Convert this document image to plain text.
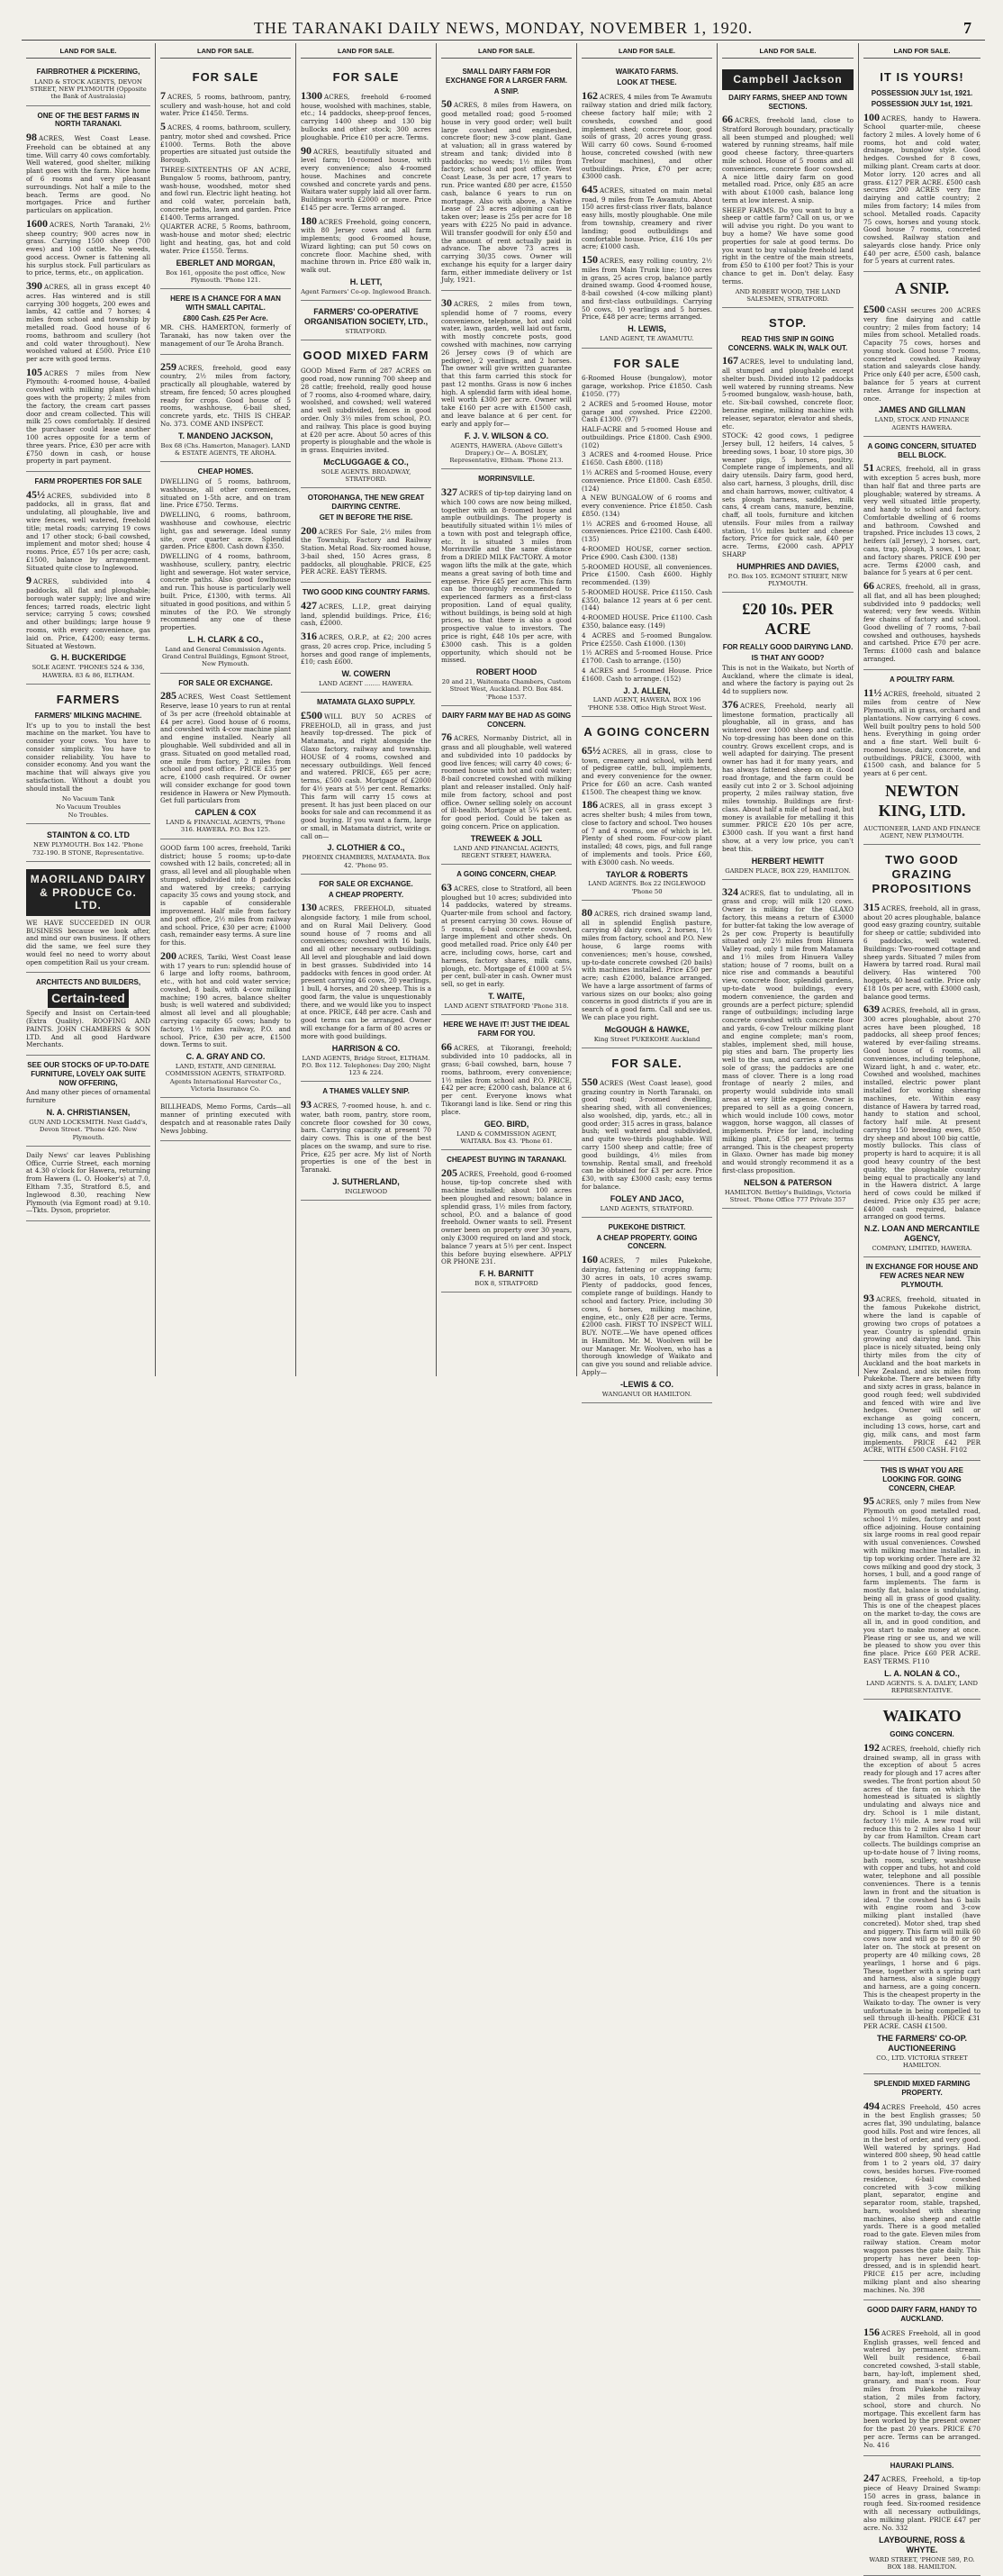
THE TARANAKI DAILY NEWS, MONDAY, NOVEMBER 1, 1920.	7
LAND FOR SALE.
FAIRBROTHER & PICKERING,
LAND & STOCK AGENTS, DEVON STREET, NEW PLYMOUTH (Opposite the Bank of Australasia)
ONE OF THE BEST FARMS IN NORTH TARANAKI.

98 ACRES, West Coast Lease. Freehold can be obtained at any time. Will carry 40 cows comfortably. Well watered, good shelter, milking plant goes with the farm. Nice home of 6 rooms and very pleasant surroundings. Not half a mile to the beach. Terms are good. No mortgages. Price and further particulars on application.

1600 ACRES, North Taranaki, 2½ sheep country; 900 acres now in grass. Carrying 1500 sheep (700 ewes) and 100 cattle. No weeds, good access. Owner is fattening all his surplus stock. Full particulars as to price, terms, etc., on application.

390 ACRES, all in grass except 40 acres. Has wintered and is still carrying 300 hoggets, 200 ewes and lambs, 42 cattle and 7 horses; 4 miles from school and township by metalled road. Good house of 6 rooms, bathroom and scullery (hot and cold water throughout). New woolshed valued at £500. Price £10 per acre with good terms.

105 ACRES 7 miles from New Plymouth: 4-roomed house, 4-bailed cowshed with milking plant which goes with the property; 2 miles from the factory, the cream cart passes door and cream collected. This will milk 25 cows comfortably. If desired the purchaser could lease another 100 acres opposite for a term of three years. Price, £30 per acre with £750 down in cash, or house property in part payment.

FARM PROPERTIES FOR SALE

45½ ACRES, subdivided into 8 paddocks, all in grass, flat and undulating, all ploughable, live and wire fences, well watered, freehold title; metal roads; carrying 19 cows and 17 other stock; 6-bail cowshed, implement and motor shed; house 4 rooms. Price, £57 10s per acre; cash, £1500, balance by arrangement. Situated quite close to Inglewood.

9 ACRES, subdivided into 4 paddocks, all flat and ploughable; borough water supply; live and wire fences; tarred roads, electric light service; carrying 5 cows; cowshed and other buildings; large house 9 rooms, with every convenience, gas laid on. Price, £4200; easy terms. Situated at Westown.

G. H. BUCKERIDGE
SOLE AGENT. 'PHONES 524 & 336, HAWERA. 83 & 86, ELTHAM.
FARMERS
FARMERS' MILKING MACHINE.

It's up to you to install the best machine on the market. You have to consider your cows. You have to consider simplicity. You have to consider reliability. You have to consider economy. And you want the machine that will always give you satisfaction. Without a doubt you should install the

No Vacuum Tank
No Vacuum Troubles
No Troubles.
STAINTON & CO. LTD
NEW PLYMOUTH. Box 142. 'Phone 732-190. B STONE, Representative.
MAORILAND DAIRY & PRODUCE Co. LTD.

WE HAVE SUCCEEDED IN OUR BUSINESS because we look after, and mind our own business. If others did the same, we feel sure they would feel no need to worry about open competition Rail us your cream.

ARCHITECTS AND BUILDERS,
Certain-teed

Specify and Insist on Certain-teed (Extra Quality). ROOFING AND PAINTS. JOHN CHAMBERS & SON LTD. And all good Hardware Merchants.

SEE OUR STOCKS OF UP-TO-DATE FURNITURE, LOVELY OAK SUITE NOW OFFERING,

And many other pieces of ornamental furniture

N. A. CHRISTIANSEN,
GUN AND LOCKSMITH. Next Gadd's, Devon Street. 'Phone 426. New Plymouth.

Daily News' car leaves Publishing Office, Currie Street, each morning at 4.30 o'clock for Hawera, returning from Hawera (L. O. Hooker's) at 7.0, Eltham 7.35, Stratford 8.5, and Inglewood 8.30, reaching New Plymouth (via Egmont road) at 9.10.—Tkts. Dyson, proprietor.

LAND FOR SALE.
FOR SALE

7 ACRES, 5 rooms, bathroom, pantry, scullery and wash-house, hot and cold water. Price £1450. Terms.

5 ACRES, 4 rooms, bathroom, scullery, pantry, motor shed and cowshed. Price £1000. Terms. Both the above properties are situated just outside the Borough.

THREE-SIXTEENTHS OF AN ACRE, Bungalow 5 rooms, bathroom, pantry, wash-house, woodshed, motor shed and fowl run. Electric light heating. hot and cold water, porcelain bath, concrete paths, lawn and garden. Price £1400. Terms arranged.

QUARTER ACRE, 5 Rooms, bathroom, wash-house and motor shed; electric light and heating, gas, hot and cold water. Price £1550. Terms.

EBERLET AND MORGAN,
Box 161, opposite the post office, New Plymouth. 'Phone 121.
HERE IS A CHANCE FOR A MAN WITH SMALL CAPITAL.
£800 Cash. £25 Per Acre.

MR. CHS. HAMERTON, formerly of Taranaki, has now taken over the management of our Te Aroha Branch.

259 ACRES, freehold, good easy country, 2½ miles from factory, practically all ploughable, watered by stream, fire fenced; 50 acres ploughed ready for crops. Good house of 5 rooms, washhouse, 6-bail shed, concrete yards, etc. THIS IS CHEAP. No. 373. COME AND INSPECT.

T. MANDENO JACKSON,
Box 68 (Chs. Hamerton, Manager). LAND & ESTATE AGENTS, TE AROHA.
CHEAP HOMES.

DWELLING of 5 rooms, bathroom, washhouse, all other conveniences, situated on 1-5th acre, and on tram line. Price £750. Terms.

DWELLING, 6 rooms, bathroom, washhouse and cowhouse, electric light, gas and sewerage. Ideal sunny site, over quarter acre. Splendid garden. Price £800. Cash down £350.

DWELLING of 4 rooms, bathroom, washhouse, scullery, pantry, electric light and sewerage. Hot water service, concrete paths. Also good fowlhouse and run. This house is particularly well built. Price, £1300, with terms. All situated in good positions, and within 5 minutes of the P.O. We strongly recommend any one of these properties.

L. H. CLARK & CO.,
Land and General Commission Agents. Grand Central Buildings, Egmont Street, New Plymouth.
FOR SALE OR EXCHANGE.

285 ACRES, West Coast Settlement Reserve, lease 10 years to run at rental of 3s per acre (freehold obtainable at £4 per acre). Good house of 6 rooms, and cowshed with 4-cow machine plant and engine installed. Nearly all ploughable. Well subdivided and all in grass. Situated on good metalled road, one mile from factory, 2 miles from school and post office. PRICE £35 per acre, £1000 cash required. Or owner will consider exchange for good town residence in Hawera or New Plymouth. Get full particulars from

CAPLEN & COX
LAND & FINANCIAL AGENTS, 'Phone 316. HAWERA. P.O. Box 125.

GOOD farm 100 acres, freehold, Tariki district; house 5 rooms; up-to-date cowshed with 12 bails, concreted; all in grass, all level and all ploughable when stumped, subdivided into 8 paddocks and watered by creeks; carrying capacity 35 cows and young stock, and is capable of considerable improvement. Half mile from factory and post office, 2½ miles from railway and school. Price, £30 per acre; £1000 cash, remainder easy terms. A sure line for this.

200 ACRES, Tariki, West Coast lease with 17 years to run: splendid house of 6 large and lofty rooms, bathroom, etc., with hot and cold water service; cowshed, 8 bails, with 4-cow milking machine; 190 acres, balance shelter bush; is well watered and subdivided; almost all level and all ploughable; carrying capacity 65 cows; handy to factory, 1½ miles railway, P.O. and school. Price, £30 per acre, £1500 down. Terms to suit.

C. A. GRAY AND CO.
LAND, ESTATE, AND GENERAL COMMISSION AGENTS, STRATFORD. Agents International Harvester Co., Victoria Insurance Co.

BILLHEADS, Memo Forms, Cards—all manner of printing executed with despatch and at reasonable rates Daily News Jobbing.

LAND FOR SALE.
FOR SALE

1300 ACRES, freehold 6-roomed house, woolshed with machines, stable, etc.; 14 paddocks, sheep-proof fences, carrying 1400 sheep and 130 big bullocks and other stock; 300 acres ploughable. Price £10 per acre. Terms.

90 ACRES, beautifully situated and level farm; 10-roomed house, with every convenience; also 4-roomed house. Machines and concrete cowshed and concrete yards and pens. Waitara water supply laid all over farm. Buildings worth £2000 or more. Price £145 per acre. Terms arranged.

180 ACRES Freehold, going concern, with 80 Jersey cows and all farm implements; good 6-roomed house, Wizard lighting; can put 50 cows on concrete floor. Machine shed, with machine thrown in. Price £80 walk in, walk out.

H. LETT,
Agent Farmers' Co-op. Inglewood Branch.
FARMERS' CO-OPERATIVE ORGANISATION SOCIETY, LTD.,
STRATFORD.
GOOD MIXED FARM

GOOD Mixed Farm of 287 ACRES on good road, now running 700 sheep and 28 cattle; freehold, really good house of 7 rooms, also 4-roomed whare, dairy, woolshed, and cowshed; well watered and well subdivided, fences in good order. Only 3½ miles from school, P.O. and railway. This place is good buying at £20 per acre. About 50 acres of this property is ploughable and the whole is in grass. Enquiries invited.

McCLUGGAGE & CO.,
SOLE AGENTS. BROADWAY, STRATFORD.
OTOROHANGA, THE NEW GREAT DAIRYING CENTRE.
GET IN BEFORE THE RISE.

200 ACRES For Sale, 2½ miles from the Township, Factory and Railway Station. Metal Road. Six-roomed house, 3-bail shed, 150 Acres grass, 8 paddocks, all ploughable. PRICE, £25 PER ACRE. EASY TERMS.

TWO GOOD KING COUNTRY FARMS.

427 ACRES, L.I.P., great dairying land, splendid buildings. Price, £16; cash, £2000.

316 ACRES, O.R.P., at £2; 200 acres grass, 20 acres crop. Price, including 5 horses and good range of implements, £10; cash £600.

W. COWERN
LAND AGENT ........ HAWERA.
MATAMATA GLAXO SUPPLY.

£500 WILL BUY 50 ACRES of FREEHOLD, all in grass, and just heavily top-dressed. The pick of Matamata, and right alongside the Glaxo factory, railway and township. HOUSE of 4 rooms, cowshed and necessary outbuildings. Well fenced and watered. PRICE, £65 per acre; terms, £500 cash. Mortgage of £2000 for 4½ years at 5½ per cent. Remarks: This farm will carry 15 cows at present. It has just been placed on our books for sale and can recommend it as good buying. If you want a farm, large or small, in Matamata district, write or call on—

J. CLOTHIER & CO.,
PHOENIX CHAMBERS, MATAMATA. Box 42. 'Phone 95.
FOR SALE OR EXCHANGE.
A CHEAP PROPERTY.

130 ACRES, FREEHOLD, situated alongside factory, 1 mile from school, and on Rural Mail Delivery. Good sound house of 7 rooms and all conveniences; cowshed with 16 bails, and all other necessary outbuildings. All level and ploughable and laid down in best grasses. Subdivided into 14 paddocks with fences in good order. At present carrying 46 cows, 20 yearlings, 1 bull, 4 horses, and 20 sheep. This is a good farm, the value is unquestionably there, and we would like you to inspect at once. PRICE, £48 per acre. Cash and good terms can be arranged. Owner will exchange for a farm of 80 acres or more with good buildings.

HARRISON & CO.
LAND AGENTS, Bridge Street, ELTHAM. P.O. Box 112. Telephones: Day 200; Night 123 & 224.
A THAMES VALLEY SNIP.

93 ACRES, 7-roomed house, h. and c. water, bath room, pantry, store room, concrete floor cowshed for 30 cows, barn. Carrying capacity at present 70 dairy cows. This is one of the best places on the swamp, and sure to rise. Price, £25 per acre. My list of North properties is one of the best in Taranaki.

J. SUTHERLAND,
INGLEWOOD
LAND FOR SALE.
SMALL DAIRY FARM FOR EXCHANGE FOR A LARGER FARM.
A SNIP.

50 ACRES, 8 miles from Hawera, on good metalled road; good 5-roomed house in very good order; well built large cowshed and engineshed, concrete floor; new 3-cow plant. Gane at valuation; all in grass watered by stream and tank; divided into 8 paddocks; no weeds; 1½ miles from factory, school and post office. West Coast Lease, 3s per acre, 17 years to run. Price wanted £80 per acre, £1550 cash, balance 6 years to run on mortgage. Also with above, a Native Lease of 23 acres adjoining can be taken over; lease is 25s per acre for 18 years with £225 No paid in advance. Will transfer goodwill for only £50 and the amount of rent actually paid in advance. The above 73 acres is carrying 30/35 cows. Owner will exchange his equity for a larger dairy farm, either immediate delivery or 1st July, 1921.

30 ACRES, 2 miles from town, splendid home of 7 rooms, every convenience, telephone, hot and cold water, lawn, garden, well laid out farm, with mostly concrete posts, good cowshed with machines, now carrying 26 Jersey cows (9 of which are pedigree), 2 yearlings, and 2 horses. The owner will give written guarantee that this farm carried this stock for past 12 months. Grass is now 6 inches high. A splendid farm with ideal home, well worth £300 per acre. Owner will take £160 per acre with £1500 cash, and leave balance at 6 per cent. for early and apply for—

F. J. V. WILSON & CO.
AGENTS, HAWERA. (Above Gillett's Drapery.) Or— A. BOSLEY, Representative, Eltham. 'Phone 213.
MORRINSVILLE.

327 ACRES of tip-top dairying land on which 100 cows are now being milked, together with an 8-roomed house and ample outbuildings. The property is beautifully situated within 1½ miles of a town with post and telegraph office, etc. It is situated 3 miles from Morrinsville and the same distance from a DRIED MILK FACTORY. A motor wagon lifts the milk at the gate, which means a great saving of both time and expense. Price £45 per acre. This farm can be thoroughly recommended to experienced farmers as a first-class proposition. Land of equal quality, without buildings, is being sold at high prices, so that there is also a good prospective value to investors. The price is right, £48 10s per acre, with £3000 cash. This is a golden opportunity, which should not be missed.

ROBERT HOOD
20 and 21, Waitemata Chambers, Custom Street West, Auckland. P.O. Box 484. 'Phone 1537.
DAIRY FARM MAY BE HAD AS GOING CONCERN.

76 ACRES, Normanby District, all in grass and all ploughable, well watered and subdivided into 10 paddocks by good live fences; will carry 40 cows; 6-roomed house with hot and cold water; 8-bail concreted cowshed with milking plant and releaser installed. Only half-mile from factory, school and post office. Owner selling solely on account of ill-health. Mortgage at 5¼ per cent. for good period. Could be taken as going concern. Price on application.

TREWEEK & JOLL
LAND AND FINANCIAL AGENTS, REGENT STREET, HAWERA.
A GOING CONCERN, CHEAP.

63 ACRES, close to Stratford, all been ploughed but 10 acres; subdivided into 14 paddocks, watered by streams. Quarter-mile from school and factory, at present carrying 30 cows. House of 5 rooms, 6-bail concrete cowshed, large implement and other sheds. On good metalled road. Price only £40 per acre, including cows, horse, cart and harness, factory shares, milk cans, plough, etc. Mortgage of £1000 at 5¼ per cent, bull-ater in cash. Owner must sell, so get in early.

T. WAITE,
LAND AGENT STRATFORD 'Phone 318.
HERE WE HAVE IT! JUST THE IDEAL FARM FOR YOU.

66 ACRES, at Tikorangi, freehold; subdivided into 10 paddocks, all in grass; 6-bail cowshed, barn, house 7 rooms, bathroom, every convenience; 1½ miles from school and P.O. PRICE, £42 per acre; £2000 cash, balance at 6 per cent. Everyone knows what Tikorangi land is like. Send or ring this place.

GEO. BIRD,
LAND & COMMISSION AGENT, WAITARA. Box 43. 'Phone 61.
CHEAPEST BUYING IN TARANAKI.

205 ACRES, Freehold, good 6-roomed house, tip-top concrete shed with machine installed; about 100 acres been ploughed and resown; balance in splendid grass, 1½ miles from factory, school, P.O. and a balance of good freehold. Owner wants to sell. Present owner been on property over 30 years, only £3000 required on land and stock, balance 7 years at 5½ per cent. Inspect this before buying elsewhere. APPLY OR PHONE 231.

F. H. BARNITT
BOX 8, STRATFORD
LAND FOR SALE.
WAIKATO FARMS.
LOOK AT THESE.

162 ACRES, 4 miles from Te Awamutu railway station and dried milk factory, cheese factory half mile; with 2 cowsheds, cowshed and good implement shed; concrete floor, good soils of grass, 20 acres young grass. Will carry 60 cows. Sound 6-roomed house, concreted cowshed (with new Trelour machines), and other outbuildings. Price, £70 per acre; £3000 cash.

645 ACRES, situated on main metal road, 9 miles from Te Awamutu. About 150 acres first-class river flats, balance easy hills, mostly ploughable. One mile from township, creamery and river landing; good outbuildings and comfortable house. Price, £16 10s per acre; £1000 cash.

150 ACRES, easy rolling country, 2½ miles from Main Trunk line; 100 acres in grass, 25 acres crop, balance partly drained swamp. Good 4-roomed house, 8-bail cowshed (4-cow milking plant) and first-class outbuildings. Carrying 50 cows, 10 yearlings and 5 horses. Price, £48 per acre; terms arranged.

H. LEWIS,
LAND AGENT, TE AWAMUTU.
FOR SALE

6-Roomed House (bungalow), motor garage, workshop. Price £1850. Cash £1050. (77)

2 ACRES and 5-roomed House, motor garage and cowshed. Price £2200. Cash £1300. (97)

HALF-ACRE and 5-roomed House and outbuildings. Price £1800. Cash £900. (102)

3 ACRES and 4-roomed House. Price £1650. Cash £800. (118)

1½ ACRES and 5-roomed House, every convenience. Price £1800. Cash £850. (124)

A NEW BUNGALOW of 6 rooms and every convenience. Price £1850. Cash £850. (134)

1½ ACRES and 6-roomed House, all conveniences. Price £2100. Cash £400. (135)

4-ROOMED HOUSE, corner section. Price £900. Cash £300. (138)

5-ROOMED HOUSE, all conveniences. Price £1500. Cash £600. Highly recommended. (139)

5-ROOMED HOUSE. Price £1150. Cash £350, balance 12 years at 6 per cent. (144)

4-ROOMED HOUSE. Price £1100. Cash £350, balance easy. (149)

4 ACRES and 5-roomed Bungalow. Price £2550. Cash £1000. (130)

1½ ACRES and 5-roomed House. Price £1700. Cash to arrange. (150)

4 ACRES and 5-roomed House. Price £1600. Cash to arrange. (152)

J. J. ALLEN,
LAND AGENT, HAWERA. BOX 196 'PHONE 538. Office High Street West.
A GOING CONCERN

65½ ACRES, all in grass, close to town, creamery and school, with herd of pedigree cattle, bull, implements, and every convenience for the owner. Price for £60 an acre. Cash wanted £1500. The cheapest thing we know.

186 ACRES, all in grass except 3 acres shelter bush; 4 miles from town, close to factory and school. Two houses of 7 and 4 rooms, one of which is let. Plenty of shed room. Four-cow plant installed; 48 cows, pigs, and full range of implements and tools. Price £60, with £3000 cash. No weeds.

TAYLOR & ROBERTS
LAND AGENTS. Box 22 INGLEWOOD 'Phone 50

80 ACRES, rich drained swamp land, all in splendid English pasture, carrying 40 dairy cows, 2 horses, 1½ miles from factory, school and P.O. New house, 6 large rooms with conveniences; men's house, cowshed, up-to-date concrete cowshed (20 bails) with machines installed. Price £50 per acre; cash £2000, balance arranged. We have a large assortment of farms of various sizes on our books; also going concerns in good districts if you are in search of a good farm. Call and see us. We can place you right.

McGOUGH & HAWKE,
King Street PUKEKOHE Auckland
FOR SALE.

550 ACRES (West Coast lease), good grazing country in North Taranaki, on good road; 3-roomed dwelling, shearing shed, with all conveniences; also woolshed, dip, yards, etc.; all in good order; 315 acres in grass, balance bush; well watered and subdivided, and quite two-thirds ploughable. Will carry 1500 sheep and cattle; free of good buildings, 4½ miles from township. Rental small, and freehold can be obtained for £3 per acre. Price £30, with say £3000 cash; easy terms for balance.

FOLEY AND JACO,
LAND AGENTS, STRATFORD.
PUKEKOHE DISTRICT.
A CHEAP PROPERTY. GOING CONCERN.

160 ACRES, 7 miles Pukekohe, dairying, fattening or cropping farm; 30 acres in oats, 10 acres swamp. Plenty of paddocks, good fences, complete range of buildings. Handy to school and factory. Price, including 30 cows, 6 horses, milking machine, engine, etc., only £28 per acre. Terms, £2000 cash. FIRST TO INSPECT WILL BUY. NOTE.—We have opened offices in Hamilton. Mr. M. Woolven will be our Manager. Mr. Woolven, who has a thorough knowledge of Waikato and can give you sound and reliable advice. Apply—

-LEWIS & CO.
WANGANUI OR HAMILTON.
LAND FOR SALE.
Campbell Jackson
DAIRY FARMS, SHEEP AND TOWN SECTIONS.

66 ACRES, freehold land, close to Stratford Borough boundary, practically all been stumped and ploughed; well watered by running streams, half mile good cheese factory, three-quarters mile school. House of 5 rooms and all conveniences, concrete floor cowshed. A nice little dairy farm on good metalled road. Price, only £85 an acre with about £1000 cash, balance long term at low interest. A snip.

SHEEP FARMS. Do you want to buy a sheep or cattle farm? Call on us, or we will advise you right. Do you want to buy a home? We have some good properties for sale at good terms. Do you want to buy valuable freehold land right in the centre of the main streets, from £50 to £100 per foot? This is your chance to get in. Don't delay. Easy terms.

AND ROBERT WOOD, THE LAND SALESMEN, STRATFORD.
STOP.
READ THIS SNIP IN GOING CONCERNS. WALK IN, WALK OUT.

167 ACRES, level to undulating land, all stumped and ploughable except shelter bush. Divided into 12 paddocks well watered by running streams. New 5-roomed bungalow, wash-house, bath, etc. Six-bail cowshed, concrete floor, benzine engine, milking machine with releaser, separator, elevator and sheds, etc.

STOCK: 42 good cows, 1 pedigree Jersey bull, 12 heifers, 14 calves, 5 breeding sows, 1 boar, 10 store pigs, 30 weaner pigs, 5 horses, poultry. Complete range of implements, and all dairy utensils. Dairy farm, good herd, also cart, harness, 3 ploughs, drill, disc and chain harrows, mower, cultivator, 4 sets plough harness, saddles, milk cans, 4 cream cans, manure, benzine, chaff, all tools, furniture and kitchen utensils. Four miles from a railway station, 1½ miles butter and cheese factory. Price for quick sale, £40 per acre. Terms, £2000 cash. APPLY SHARP

HUMPHRIES AND DAVIES,
P.O. Box 105. EGMONT STREET, NEW PLYMOUTH.
£20 10s. PER ACRE
FOR REALLY GOOD DAIRYING LAND.
IS THAT ANY GOOD?

This is not in the Waikato, but North of Auckland, where the climate is ideal, and where the factory is paying out 2s 4d to suppliers now.

376 ACRES, Freehold, nearly all limestone formation, practically all ploughable, all in grass, and has wintered over 1000 sheep and cattle. No top-dressing has been done on this country. Grows excellent crops, and is well adapted for dairying. The present owner has had it for many years, and has always fattened sheep on it. Good road frontage, and the farm could be easily cut into 2 or 3. School adjoining property, 2 miles railway station, five miles township. Buildings are first-class. About half a mile of bad road, but money is available for metalling it this summer. PRICE £20 10s per acre, £3000 cash. If you want a first hand show, at a very low price, you can't beat this.

HERBERT HEWITT
GARDEN PLACE, BOX 229, HAMILTON.

324 ACRES, flat to undulating, all in grass and crop; will milk 120 cows. Owner is milking for the GLAXO factory, this means a return of £3000 for butter-fat taking the low average of 2s per cow. Property is beautifully situated only 2½ miles from Hinuera Valley road, only 1 mile from Matamata and 1½ miles from Hinuera Valley station; house of 7 rooms, built on a nice rise and commands a beautiful view, concrete floor, splendid gardens, up-to-date wood buildings, every modern convenience, the garden and grounds are a perfect picture; splendid range of outbuildings; including large concrete cowshed with concrete floor and yards, 6-cow Trelour milking plant and engine complete; man's room, stables, implement shed, mill house, pig sties and barn. The property lies well to the sun, and carries a splendid sole of grass; the paddocks are one mass of clover. There is a long road frontage of nearly 2 miles, and property would subdivide into small areas at very little expense. Owner is prepared to sell as a going concern, which would include 100 cows, motor waggon, horse waggon, all classes of implements. Price for land, including milking plant, £58 per acre; terms arranged. This is the cheapest property in Glaxo. Owner has made big money and would strongly recommend it as a first-class proposition.

NELSON & PATERSON
HAMILTON. Bettley's Buildings, Victoria Street. 'Phone Office 777 Private 357
LAND FOR SALE.
IT IS YOURS!
POSSESSION JULY 1st, 1921.
POSSESSION JULY 1st, 1921.

100 ACRES, handy to Hawera. School quarter-mile, cheese factory 2 miles. A lovely home of 6 rooms, hot and cold water, drainage, bungalow style. Good hedges. Cowshed for 8 cows, milking plant. Cream carts at door. Motor lorry. 120 acres and all grass. £127 PER ACRE. £500 cash secures 200 ACRES very fine dairying and cattle country; 2 miles from factory; 14 miles from school. Metalled roads. Capacity 75 cows, horses and young stock. Good house 7 rooms, concreted cowshed. Railway station and saleyards close handy. Price only £40 per acre, £500 cash, balance for 5 years at current rates.

A SNIP.

£500 CASH secures 200 ACRES very fine dairying and cattle country; 2 miles from factory; 14 miles from school. Metalled roads. Capacity 75 cows, horses and young stock. Good house 7 rooms, concreted cowshed. Railway station and saleyards close handy. Price only £40 per acre, £500 cash, balance for 5 years at current rates. Arrange for inspection at once.

JAMES AND GILLMAN
LAND, STOCK AND FINANCE AGENTS HAWERA.
A GOING CONCERN, SITUATED BELL BLOCK.

51 ACRES, freehold, all in grass with exception 5 acres bush, more than half flat and three parts are ploughable; watered by streams. A very well situated little property, and handy to school and factory. Comfortable dwelling of 6 rooms and bathroom. Cowshed and trapshed. Price includes 13 cows, 2 heifers (all Jersey), 2 horses, cart, cans, trap, plough, 3 sows, 1 boar, and factory shares. PRICE £90 per acre. Terms £2000 cash, and balance for 5 years at 6 per cent.

66 ACRES, freehold, all in grass, all flat, and all has been ploughed; subdivided into 9 paddocks; well watered; very few weeds. Within few chains of factory and school. Good dwelling of 7 rooms, 7-bail cowshed and outhouses, haysheds and cartshed. Price £70 per acre. Terms: £1000 cash and balance arranged.

A POULTRY FARM.

11½ ACRES, freehold, situated 2 miles from centre of New Plymouth, all in grass, orchard and plantations. Now carrying 6 cows. Well built poultry pens to hold 500 hens. Everything in going order and a fine start. Well built 6-roomed house, dairy, concrete, and outbuildings. PRICE, £3000, with £1500 cash, and balance for 5 years at 6 per cent.

NEWTON KING, LTD.
AUCTIONEER, LAND AND FINANCE AGENT, NEW PLYMOUTH.
TWO GOOD GRAZING PROPOSITIONS

315 ACRES, freehold, all in grass, about 20 acres ploughable, balance good easy grazing country, suitable for sheep or cattle; subdivided into 6 paddocks, well watered. Buildings: Two-roomed cottage and sheep yards. Situated 7 miles from Hawera by tarred road. Rural mail delivery. Has wintered 700 hoggets, 40 head cattle. Price only £18 10s per acre, with £3000 cash, balance good terms.

639 ACRES, freehold, all in grass, 300 acres ploughable, about 270 acres have been ploughed, 18 paddocks, all sheep proof fences; watered by ever-failing streams. Good house of 6 rooms, all conveniences, including telephone, Wizard light, h and c. water, etc. Cowshed and woolshed, machines installed, electric power plant installed for working shearing machines, etc. Within easy distance of Hawera by tarred road, handy to station and school, factory half mile. At present carrying 150 breeding ewes, 850 dry sheep and about 100 big cattle, mostly bullocks. This class of property is hard to acquire; it is all good heavy country of the best quality, the ploughable country being equal to practically any land in the Hawera district. A large herd of cows could be milked if desired. Price only £35 per acre; £4000 cash required, balance arranged on good terms.

N.Z. LOAN AND MERCANTILE AGENCY,
COMPANY, LIMITED, HAWERA.
IN EXCHANGE FOR HOUSE AND FEW ACRES NEAR NEW PLYMOUTH.

93 ACRES, freehold, situated in the famous Pukekohe district, where the land is capable of growing two crops of potatoes a year. Country is splendid grain growing and dairying land. This place is nicely situated, being only thirty miles from the city of Auckland and the boat markets in New Zealand, and six miles from Pukekohe. There are between fifty and sixty acres in grass, balance in good rough feed; well subdivided and fenced with wire and live hedges. Owner will sell or exchange as going concern, including 13 cows, horse, cart and gig, milk cans, and most farm implements. PRICE £42 PER ACRE, WITH £500 CASH. F102

THIS IS WHAT YOU ARE LOOKING FOR. GOING CONCERN, CHEAP.

95 ACRES, only 7 miles from New Plymouth on good metalled road, school 1½ miles, factory and post office adjoining. House containing six large rooms in real good repair with usual conveniences. Cowshed with milking machine installed, in tip top working order. There are 32 cows milking and good dry stock, 3 horses, 1 bull, and a good range of farm implements. The farm is mostly flat, balance is undulating, being all in grass of good quality. This is one of the cheapest places on the market to-day, the cows are all in, and in good condition, and you start to make money at once. Please ring or see us, and we will be pleased to show you over this fine place. Price £60 PER ACRE. EASY TERMS. F110

L. A. NOLAN & CO.,
LAND AGENTS. S. A. DALEY, LAND REPRESENTATIVE.
WAIKATO
GOING CONCERN.

192 ACRES, freehold, chiefly rich drained swamp, all in grass with the exception of about 5 acres ready for plough and 17 acres after swedes. The front portion about 50 acres of the farm on which the homestead is situated is slightly undulating and always nice and dry. School is 1 mile distant, factory 1½ mile. A new road will reduce this to 2 miles also 1 hour by car from Hamilton. Cream cart collects. The buildings comprise an up-to-date house of 7 living rooms, bath room, scullery, washhouse with copper and tubs, hot and cold water, telephone and all possible conveniences. There is a tennis lawn in front and the situation is ideal. 7 the cowshed has 6 bails with engine room and 3-cow milking plant installed (have concreted). Motor shed, trap shed and piggery. This farm will milk 60 cows now and will go to 80 or 90 later on. The stock at present on property are 40 milking cows, 28 yearlings, 1 horse and 6 pigs. These, together with a spring cart and harness, also a single buggy and harness, are a going concern. This is the cheapest property in the Waikato to-day. The owner is very unfortunate in being compelled to sell through ill-health. PRICE £31 PER ACRE. CASH £1500.

THE FARMERS' CO-OP. AUCTIONEERING
CO., LTD. VICTORIA STREET HAMILTON.
SPLENDID MIXED FARMING PROPERTY.

494 ACRES Freehold, 450 acres in the best English grasses; 50 acres flat, 390 undulating, balance good hills. Post and wire fences, all in the best of order, and very good. Well watered by springs. Had wintered 800 sheep, 90 head cattle from 1 to 2 years old, 37 dairy cows, besides horses. Five-roomed residence, 6-bail cowshed concreted with 3-cow milking plant, separator, engine and separator room, stable, trapshed, barn, woolshed with shearing machines, also sheep and cattle yards. There is a good metalled road to the gate. Eleven miles from railway station. Cream motor waggon passes the gate daily. This property has never been top-dressed, and is in splendid heart. PRICE £15 per acre, including milking plant and also shearing machines. No. 398

GOOD DAIRY FARM, HANDY TO AUCKLAND.

156 ACRES Freehold, all in good English grasses, well fenced and watered by permanent stream. Well built residence, 6-bail concreted cowshed, 3-stall stable, barn, hay-loft, implement shed, granary, and man's room. Four miles from Pukekohe railway station, 2 miles from factory, school, store and church. No mortgage. This excellent farm has been worked by the present owner for the past 20 years. PRICE £70 per acre. Terms can be arranged. No. 416

HAURAKI PLAINS.

247 ACRES, Freehold, a tip-top piece of Heavy Drained Swamp: 150 acres in grass, balance in rough feed. Six-roomed residence with all necessary outbuildings, also milking plant. PRICE £47 per acre. No. 332

LAYBOURNE, ROSS & WHYTE.
WARD STREET, 'PHONE 589, P.O. BOX 188. HAMILTON.
